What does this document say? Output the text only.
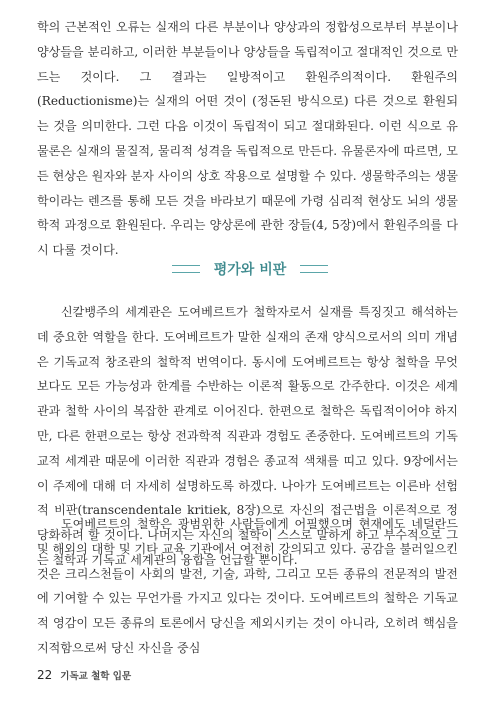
학의 근본적인 오류는 실재의 다른 부분이나 양상과의 정합성으로부터 부분이나 양상들을 분리하고, 이러한 부분들이나 양상들을 독립적이고 절대적인 것으로 만드는 것이다. 그 결과는 일방적이고 환원주의적이다. 환원주의(Reductionisme)는 실재의 어떤 것이 (정돈된 방식으로) 다른 것으로 환원되는 것을 의미한다. 그런 다음 이것이 독립적이 되고 절대화된다. 이런 식으로 유물론은 실재의 물질적, 물리적 성격을 독립적으로 만든다. 유물론자에 따르면, 모든 현상은 원자와 분자 사이의 상호 작용으로 설명할 수 있다. 생물학주의는 생물학이라는 렌즈를 통해 모든 것을 바라보기 때문에 가령 심리적 현상도 뇌의 생물학적 과정으로 환원된다. 우리는 양상론에 관한 장들(4, 5장)에서 환원주의를 다시 다룰 것이다.

평가와 비판

신칼뱅주의 세계관은 도여베르트가 철학자로서 실재를 특징짓고 해석하는 데 중요한 역할을 한다. 도여베르트가 말한 실재의 존재 양식으로서의 의미 개념은 기독교적 창조관의 철학적 번역이다. 동시에 도여베르트는 항상 철학을 무엇보다도 모든 가능성과 한계를 수반하는 이론적 활동으로 간주한다. 이것은 세계관과 철학 사이의 복잡한 관계로 이어진다. 한편으로 철학은 독립적이어야 하지만, 다른 한편으로는 항상 전과학적 직관과 경험도 존중한다. 도여베르트의 기독교적 세계관 때문에 이러한 직관과 경험은 종교적 색채를 띠고 있다. 9장에서는 이 주제에 대해 더 자세히 설명하도록 하겠다. 나아가 도여베르트는 이른바 선험적 비판(transcendentale kritiek, 8장)으로 자신의 접근법을 이론적으로 정당화하려 할 것이다. 나머지는 자신의 철학이 스스로 말하게 하고 부수적으로 그는 철학과 기독교 세계관의 융합을 언급할 뿐이다.

도여베르트의 철학은 광범위한 사람들에게 어필했으며 현재에도 네덜란드 및 해외의 대학 및 기타 교육 기관에서 여전히 강의되고 있다. 공감을 불러일으킨 것은 크리스천들이 사회의 발전, 기술, 과학, 그리고 모든 종류의 전문적의 발전에 기여할 수 있는 무언가를 가지고 있다는 것이다. 도여베르트의 철학은 기독교적 영감이 모든 종류의 토론에서 당신을 제외시키는 것이 아니라, 오히려 핵심을 지적함으로써 당신 자신을 중심

22 기독교 철학 입문
